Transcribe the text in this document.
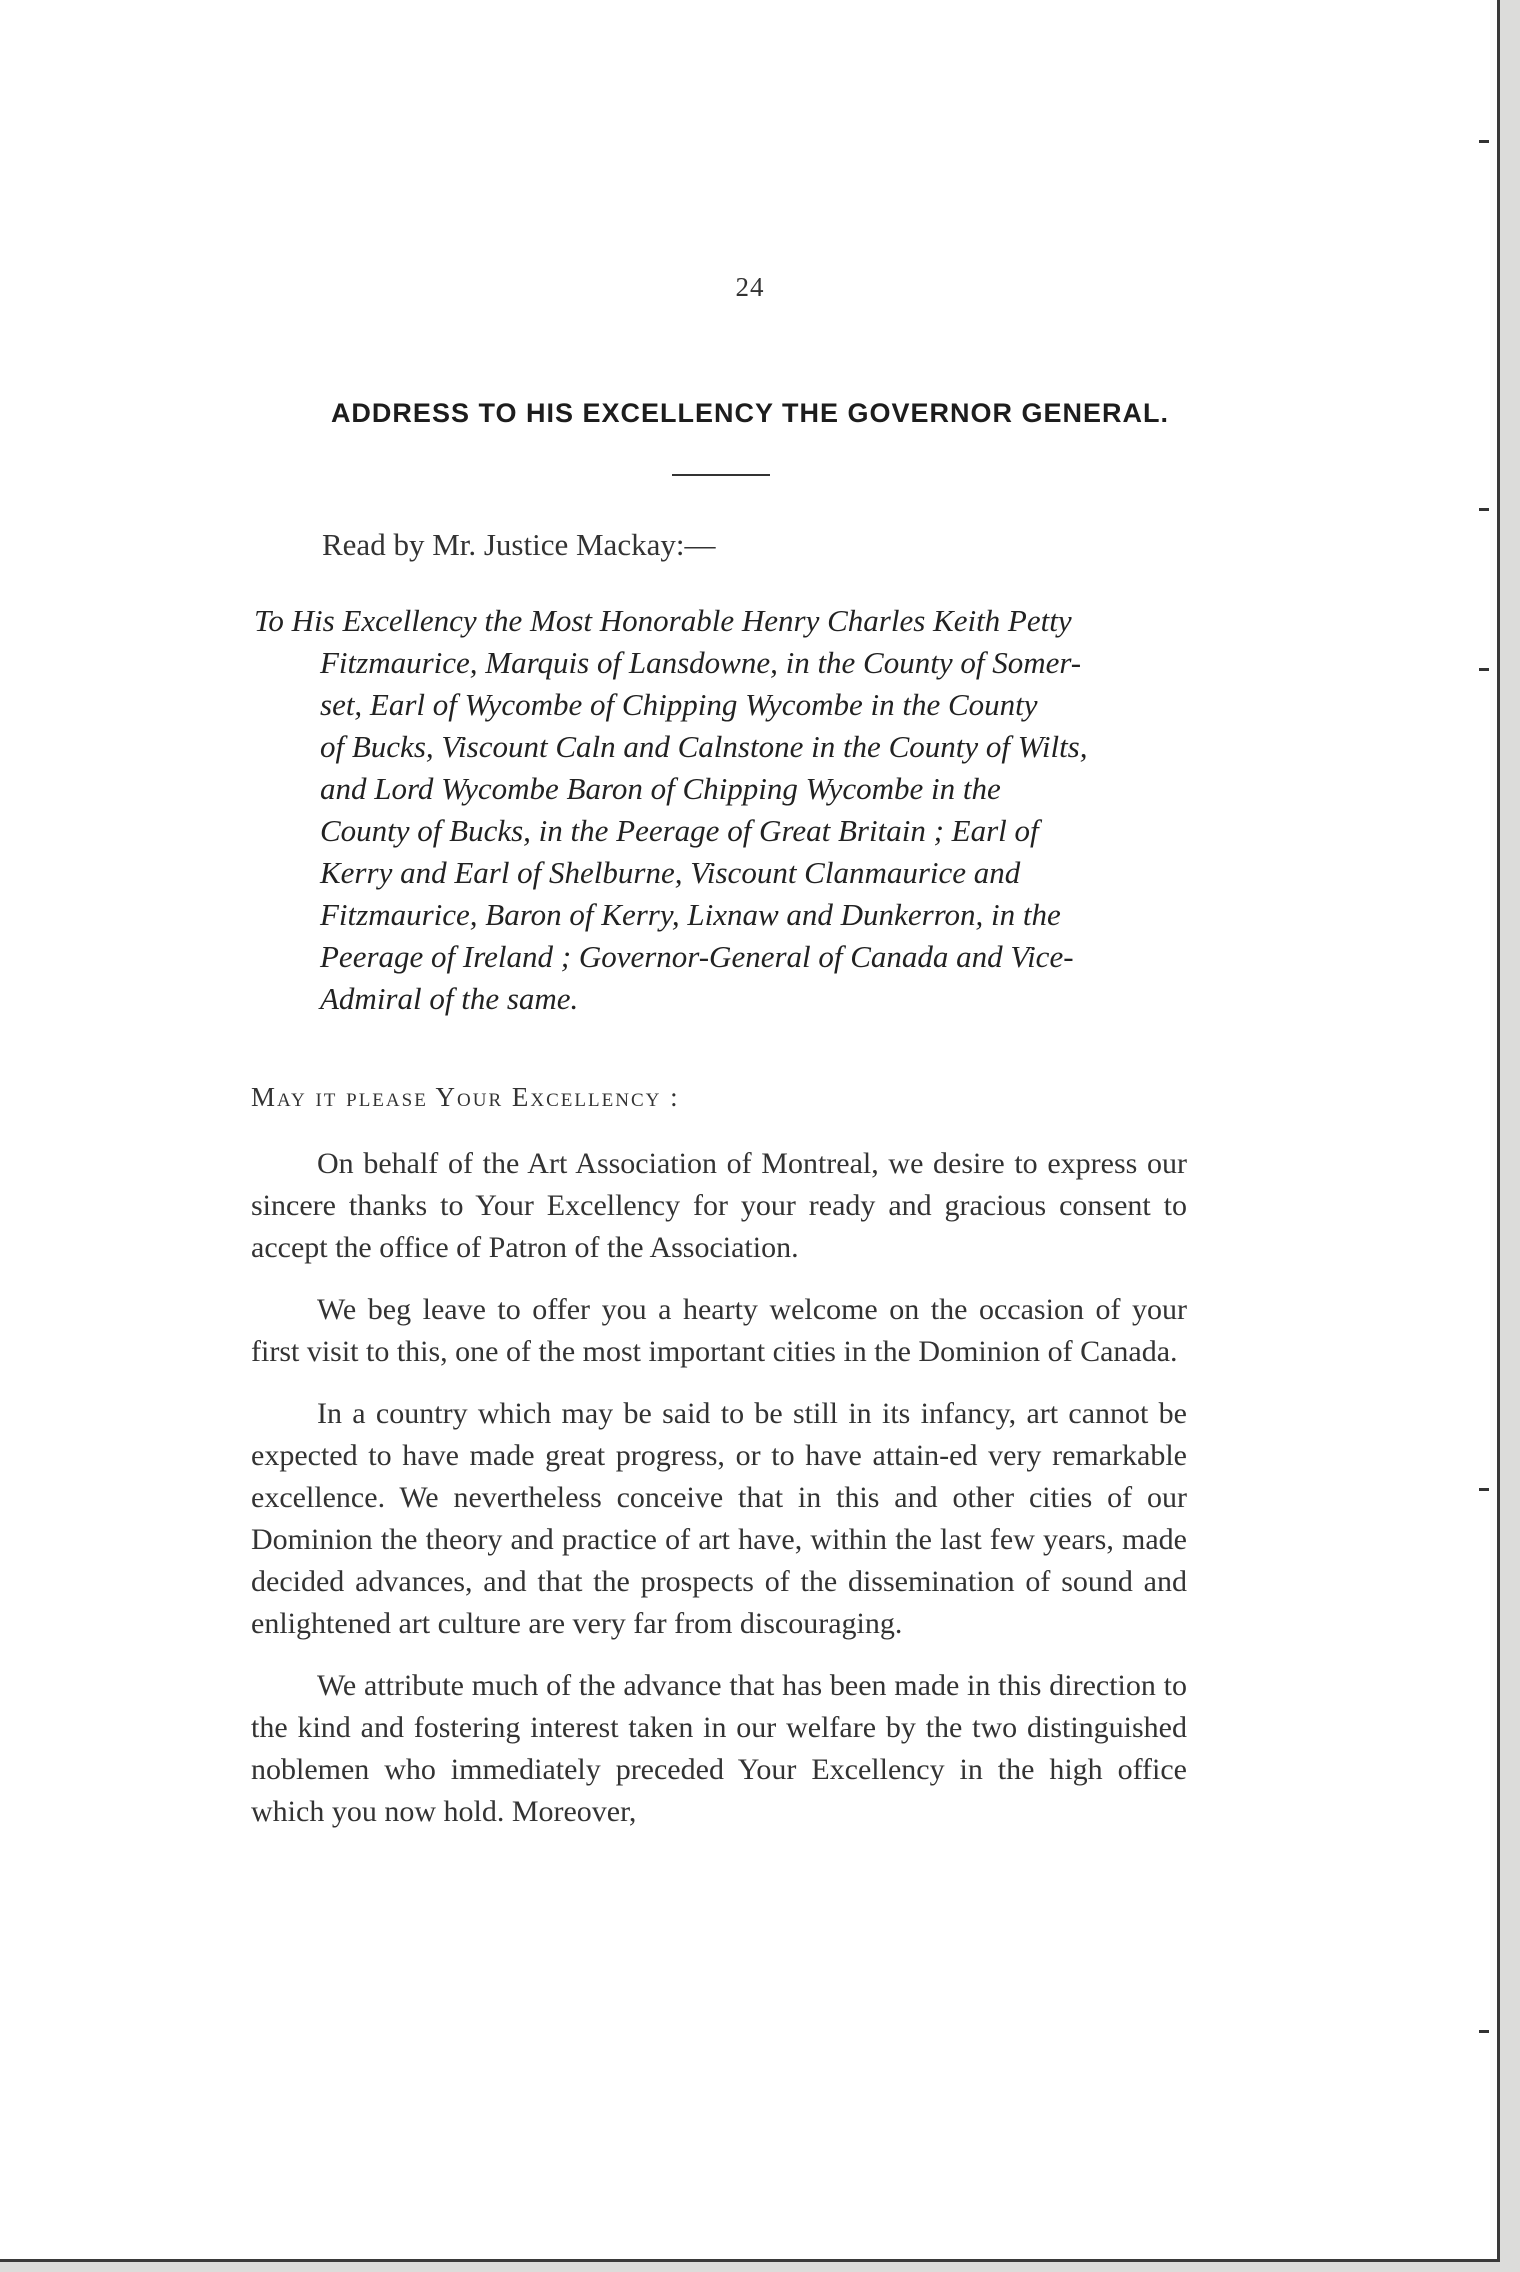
24
ADDRESS TO HIS EXCELLENCY THE GOVERNOR GENERAL.
Read by Mr. Justice Mackay:—
To His Excellency the Most Honorable Henry Charles Keith Petty
Fitzmaurice, Marquis of Lansdowne, in the County of Somer-
set, Earl of Wycombe of Chipping Wycombe in the County
of Bucks, Viscount Caln and Calnstone in the County of Wilts,
and Lord Wycombe Baron of Chipping Wycombe in the
County of Bucks, in the Peerage of Great Britain ; Earl of
Kerry and Earl of Shelburne, Viscount Clanmaurice and
Fitzmaurice, Baron of Kerry, Lixnaw and Dunkerron, in the
Peerage of Ireland ; Governor-General of Canada and Vice-
Admiral of the same.
May it please Your Excellency :

On behalf of the Art Association of Montreal, we desire to express our sincere thanks to Your Excellency for your ready and gracious consent to accept the office of Patron of the Association.

We beg leave to offer you a hearty welcome on the occasion of your first visit to this, one of the most important cities in the Dominion of Canada.

In a country which may be said to be still in its infancy, art cannot be expected to have made great progress, or to have attain-ed very remarkable excellence. We nevertheless conceive that in this and other cities of our Dominion the theory and practice of art have, within the last few years, made decided advances, and that the prospects of the dissemination of sound and enlightened art culture are very far from discouraging.

We attribute much of the advance that has been made in this direction to the kind and fostering interest taken in our welfare by the two distinguished noblemen who immediately preceded Your Excellency in the high office which you now hold. Moreover,
